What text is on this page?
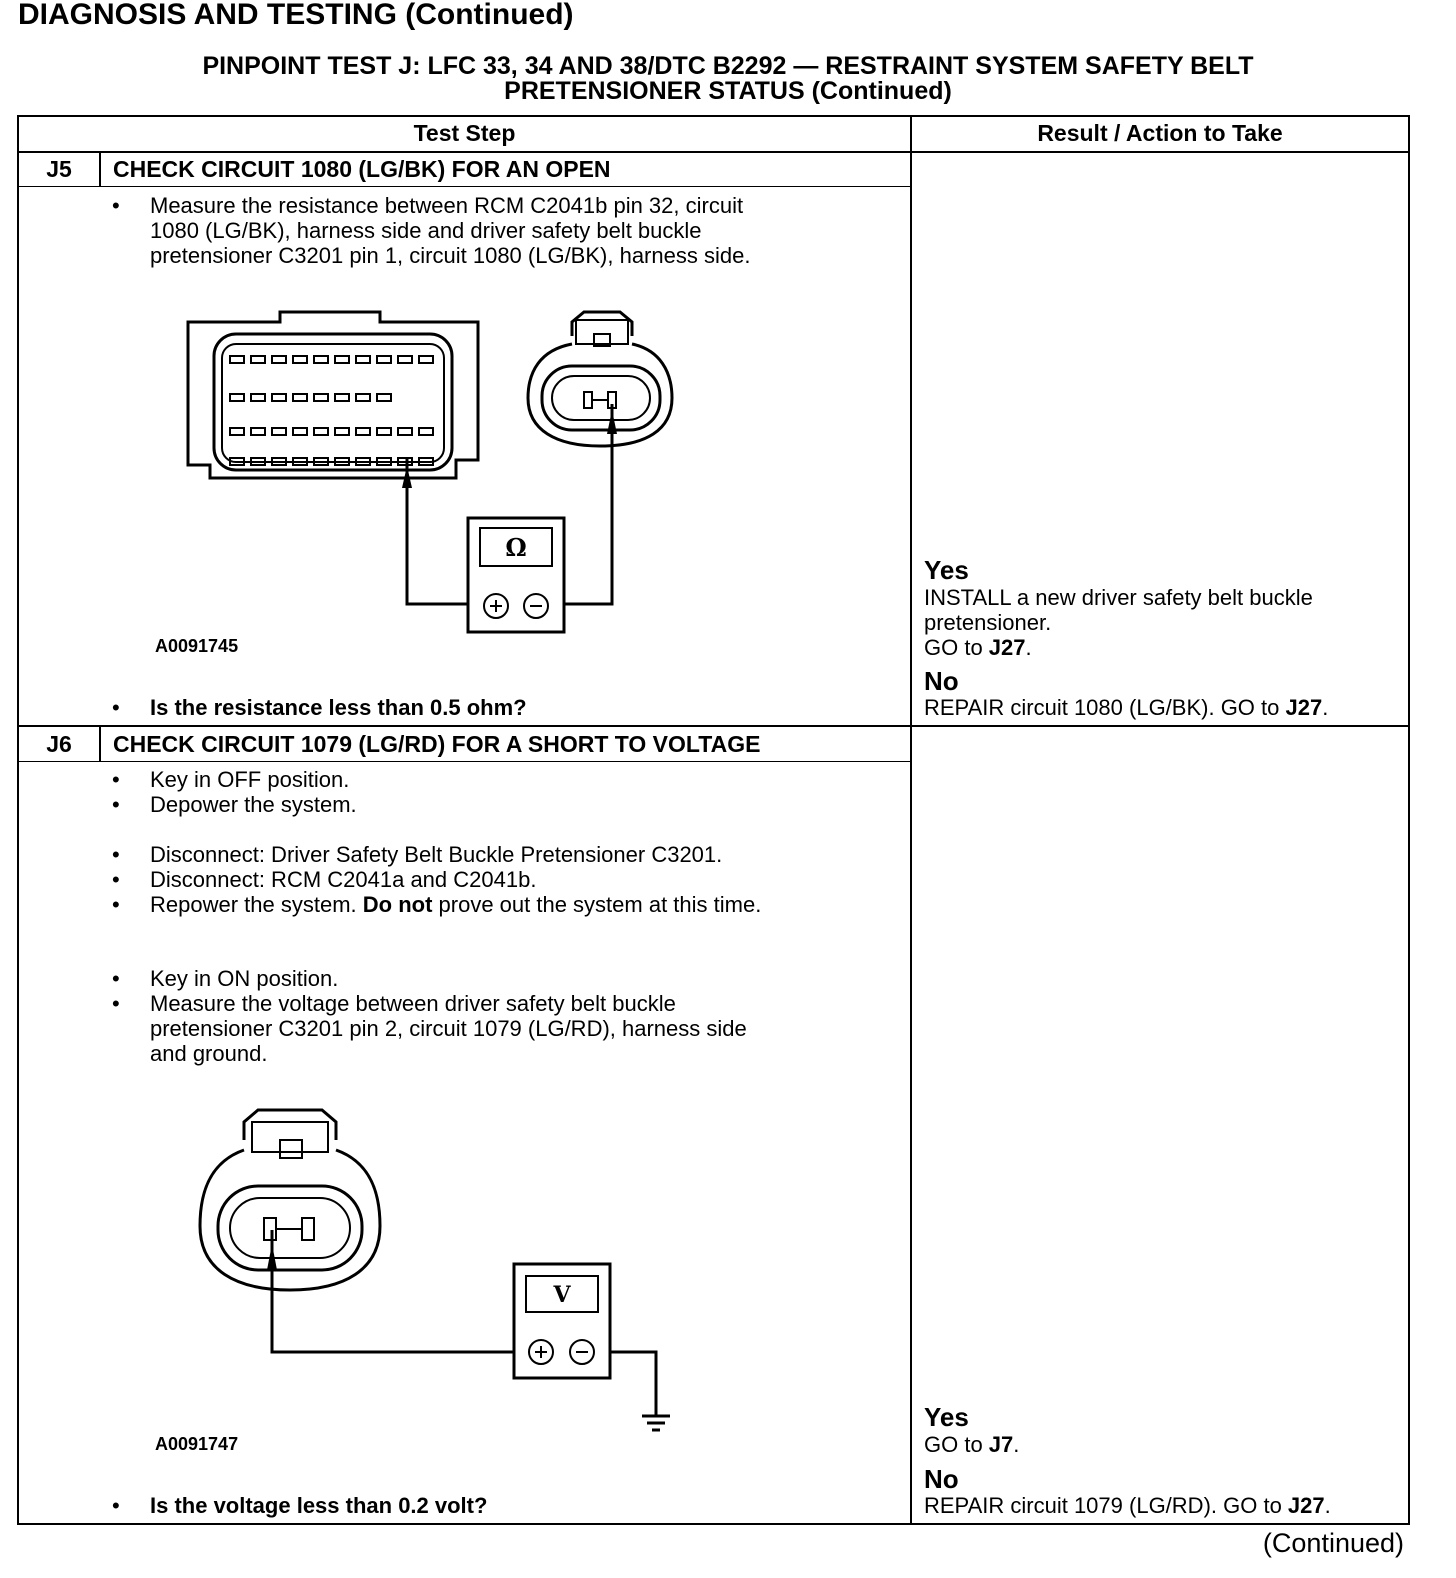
DIAGNOSIS AND TESTING (Continued)
PINPOINT TEST J: LFC 33, 34 AND 38/DTC B2292 — RESTRAINT SYSTEM SAFETY BELT
PRETENSIONER STATUS (Continued)
Test Step	Result / Action to Take
J5	CHECK CIRCUIT 1080 (LG/BK) FOR AN OPEN
• Measure the resistance between RCM C2041b pin 32, circuit
1080 (LG/BK), harness side and driver safety belt buckle
pretensioner C3201 pin 1, circuit 1080 (LG/BK), harness side.
Ω
A0091745
• Is the resistance less than 0.5 ohm?
Yes
INSTALL a new driver safety belt buckle
pretensioner.
GO to J27.
No
REPAIR circuit 1080 (LG/BK). GO to J27.
J6	CHECK CIRCUIT 1079 (LG/RD) FOR A SHORT TO VOLTAGE
• Key in OFF position.
• Depower the system.
• Disconnect: Driver Safety Belt Buckle Pretensioner C3201.
• Disconnect: RCM C2041a and C2041b.
• Repower the system. Do not prove out the system at this time.
• Key in ON position.
• Measure the voltage between driver safety belt buckle
pretensioner C3201 pin 2, circuit 1079 (LG/RD), harness side
and ground.
V
A0091747
• Is the voltage less than 0.2 volt?
Yes
GO to J7.
No
REPAIR circuit 1079 (LG/RD). GO to J27.
(Continued)
